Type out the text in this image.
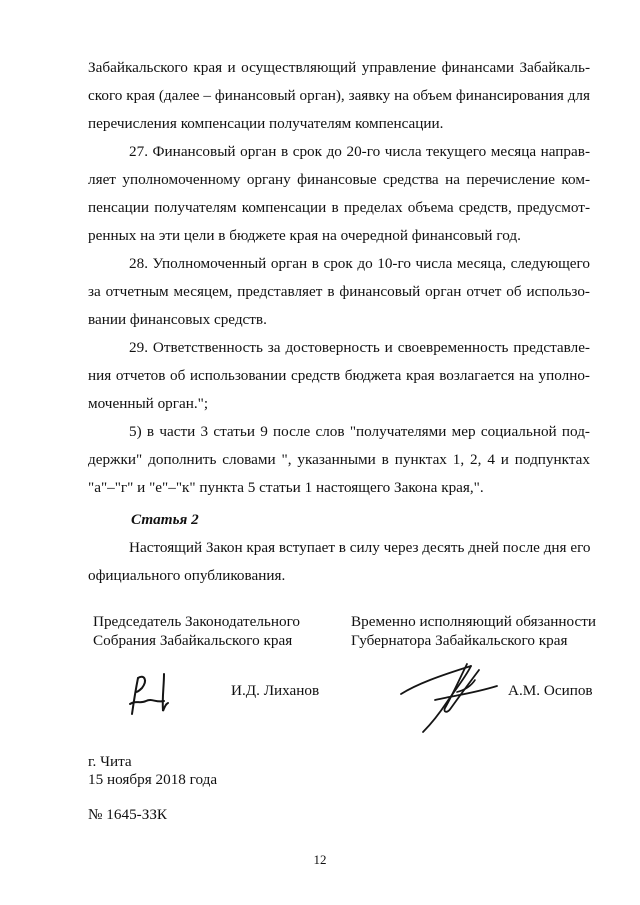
Забайкальского края и осуществляющий управление финансами Забайкаль-
ского края (далее – финансовый орган), заявку на объем финансирования для
перечисления компенсации получателям компенсации.
27. Финансовый орган в срок до 20-го числа текущего месяца направ-
ляет уполномоченному органу финансовые средства на перечисление ком-
пенсации получателям компенсации в пределах объема средств, предусмот-
ренных на эти цели в бюджете края на очередной финансовый год.
28. Уполномоченный орган в срок до 10-го числа месяца, следующего
за отчетным месяцем, представляет в финансовый орган отчет об использо-
вании финансовых средств.
29. Ответственность за достоверность и своевременность представле-
ния отчетов об использовании средств бюджета края возлагается на уполно-
моченный орган.";
5) в части 3 статьи 9 после слов "получателями мер социальной под-
держки" дополнить словами ", указанными в пунктах 1, 2, 4 и подпунктах
"а"–"г" и "е"–"к" пункта 5 статьи 1 настоящего Закона края,".
Статья 2
Настоящий Закон края вступает в силу через десять дней после дня его
официального опубликования.
Председатель Законодательного
Собрания Забайкальского края
И.Д. Лиханов
Временно исполняющий обязанности
Губернатора Забайкальского края
А.М. Осипов
г. Чита
15 ноября 2018 года
№ 1645-ЗЗК
12
